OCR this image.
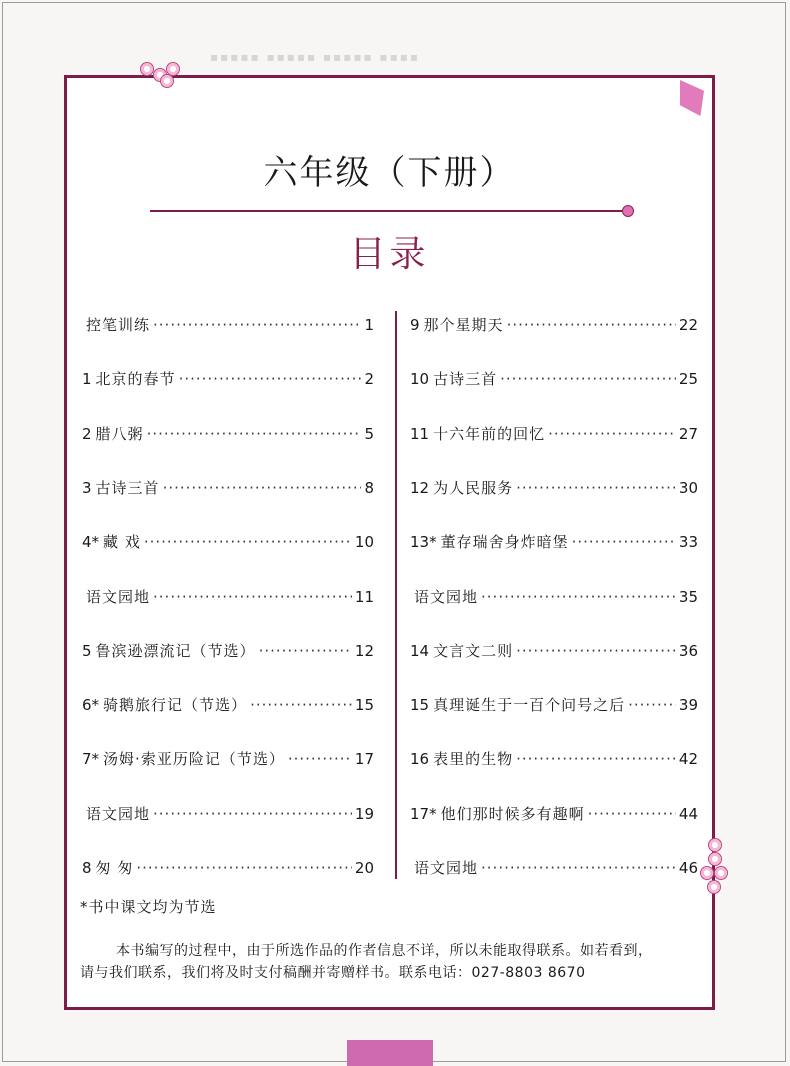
▪▪▪▪▪ ▪▪▪▪▪ ▪▪▪▪▪ ▪▪▪▪
六年级（下册）
目录
控笔训练 ·····	1
1 北京的春节 ·····	2
2 腊八粥 ·····	5
3 古诗三首 ·····	8
4* 藏 戏 ·····	10
语文园地 ·····	11
5 鲁滨逊漂流记（节选） ·····	12
6* 骑鹅旅行记（节选） ·····	15
7* 汤姆·索亚历险记（节选） ·····	17
语文园地 ·····	19
8 匆 匆 ·····	20
9 那个星期天 ·····	22
10 古诗三首 ·····	25
11 十六年前的回忆 ·····	27
12 为人民服务 ·····	30
13* 董存瑞舍身炸暗堡 ·····	33
语文园地 ·····	35
14 文言文二则 ·····	36
15 真理诞生于一百个问号之后 ·····	39
16 表里的生物 ·····	42
17* 他们那时候多有趣啊 ·····	44
语文园地 ·····	46
*书中课文均为节选
本书编写的过程中，由于所选作品的作者信息不详，所以未能取得联系。如若看到，
请与我们联系，我们将及时支付稿酬并寄赠样书。联系电话：027-8803 8670
